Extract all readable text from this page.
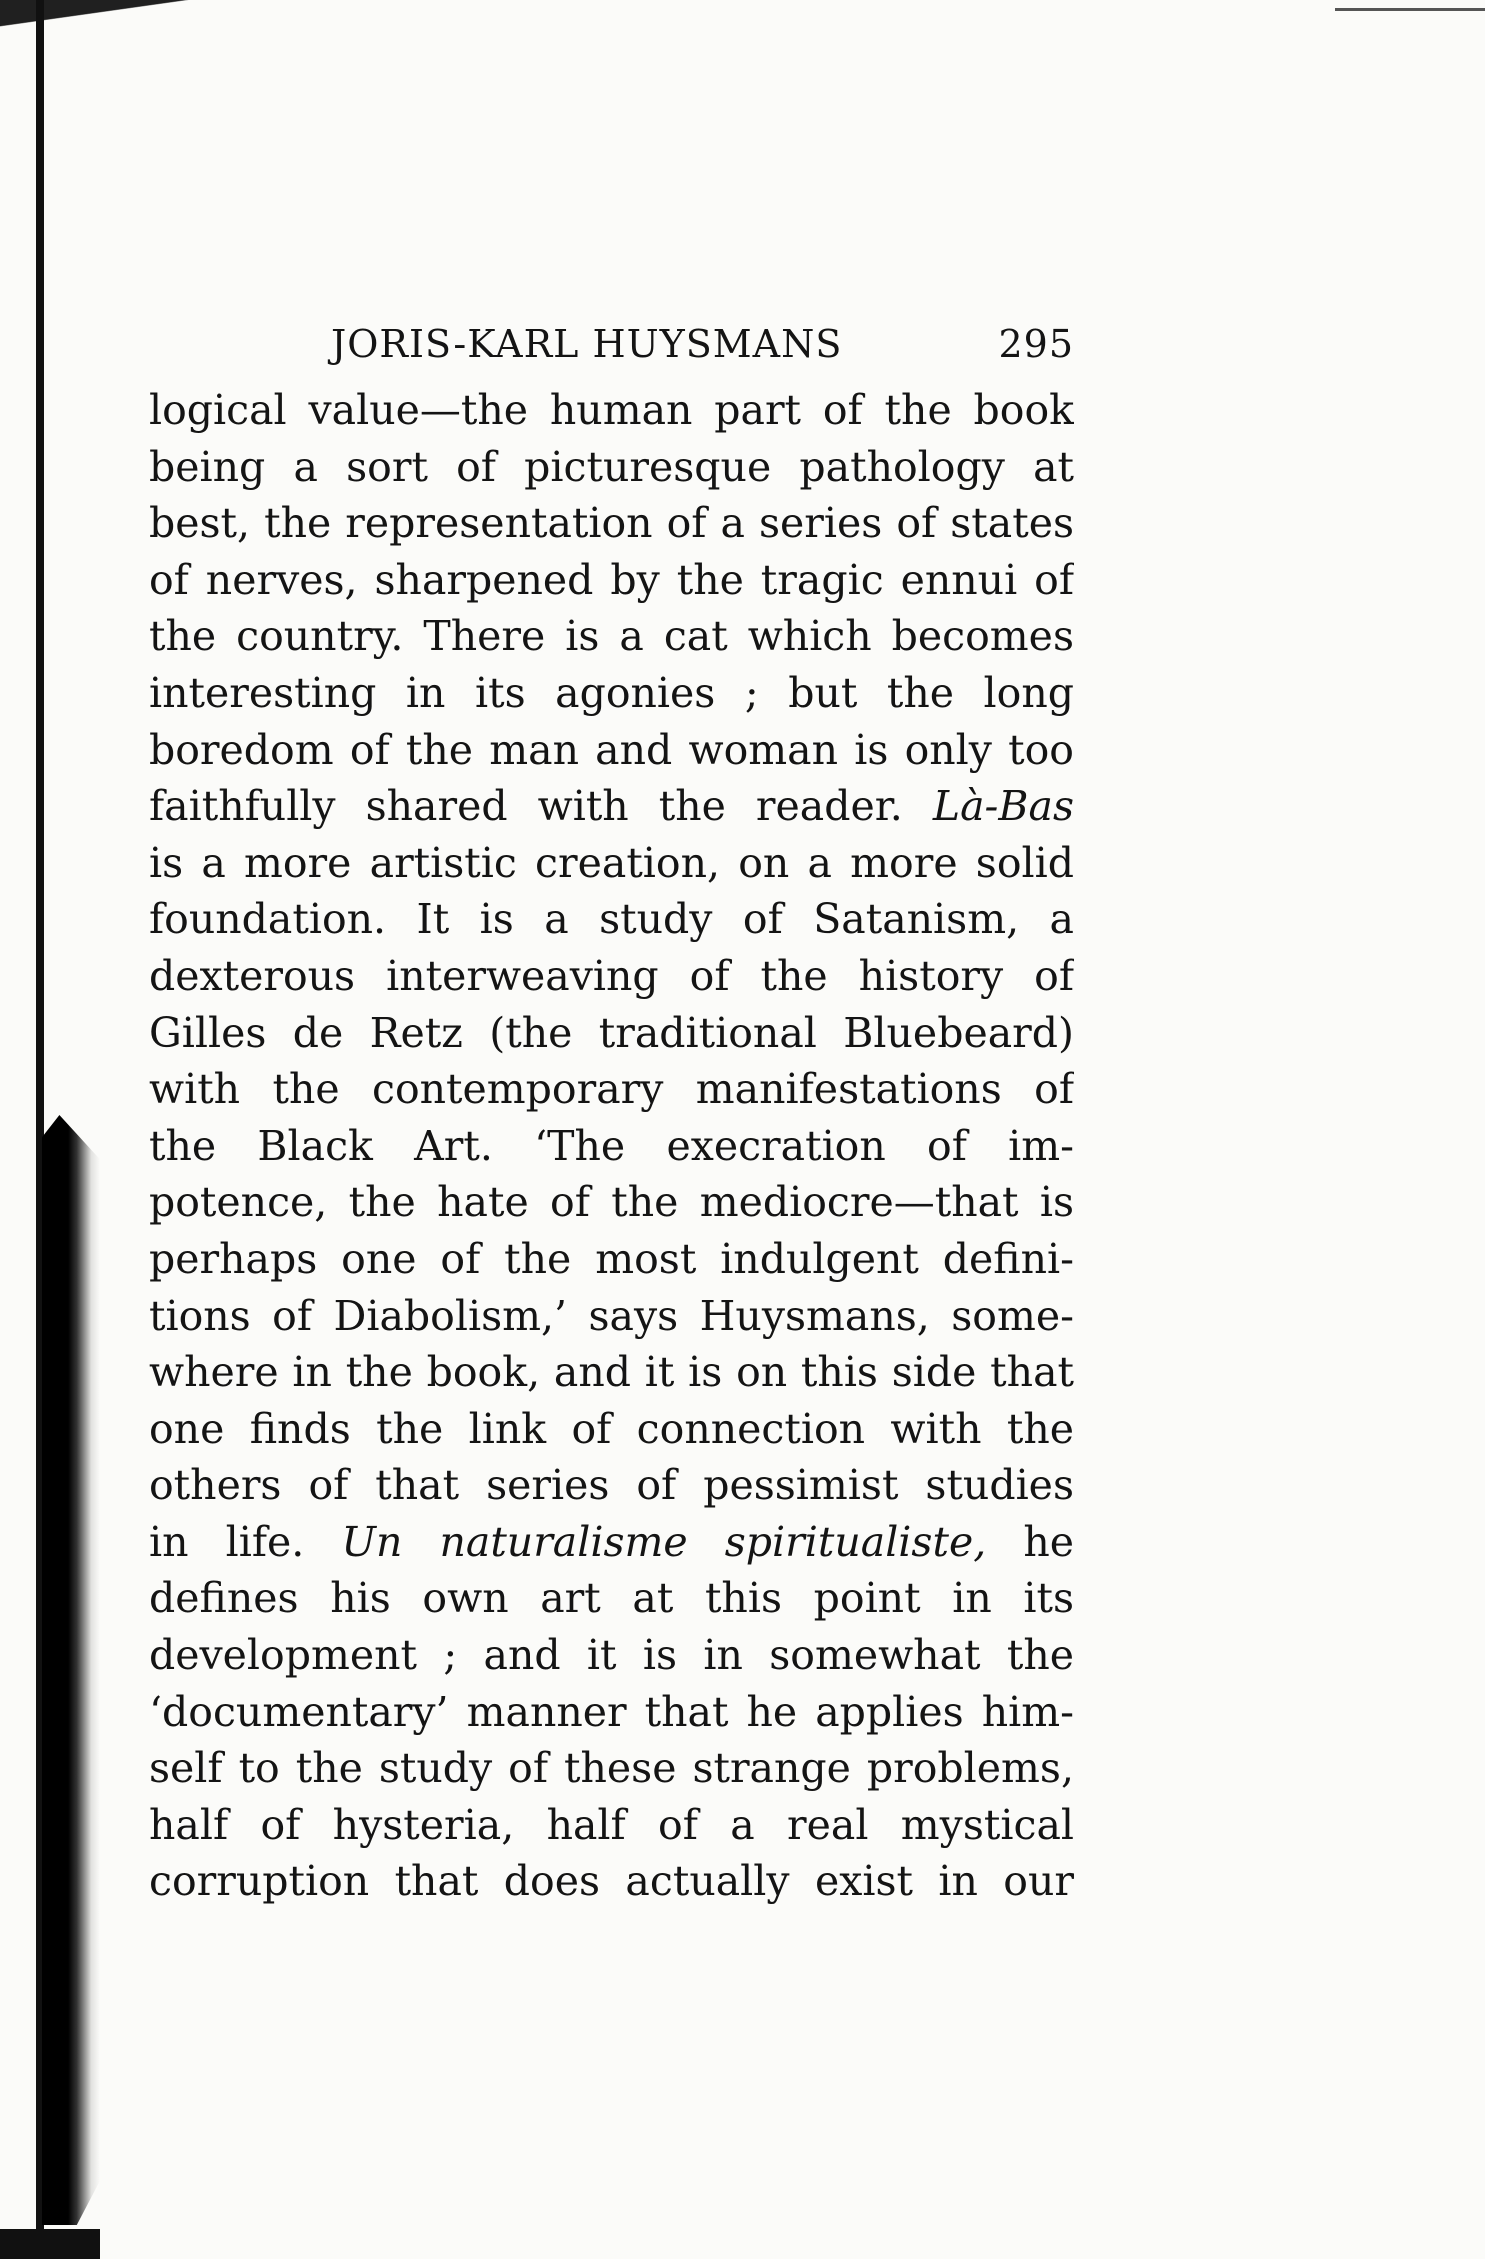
JORIS-KARL HUYSMANS	295
logical value—the human part of the book
being a sort of picturesque pathology at
best, the representation of a series of states
of nerves, sharpened by the tragic ennui of
the country. There is a cat which becomes
interesting in its agonies ; but the long
boredom of the man and woman is only too
faithfully shared with the reader. Là-Bas
is a more artistic creation, on a more solid
foundation. It is a study of Satanism, a
dexterous interweaving of the history of
Gilles de Retz (the traditional Bluebeard)
with the contemporary manifestations of
the Black Art. ‘The execration of im-
potence, the hate of the mediocre—that is
perhaps one of the most indulgent defini-
tions of Diabolism,’ says Huysmans, some-
where in the book, and it is on this side that
one finds the link of connection with the
others of that series of pessimist studies
in life. Un naturalisme spiritualiste, he
defines his own art at this point in its
development ; and it is in somewhat the
‘documentary’ manner that he applies him-
self to the study of these strange problems,
half of hysteria, half of a real mystical
corruption that does actually exist in our
